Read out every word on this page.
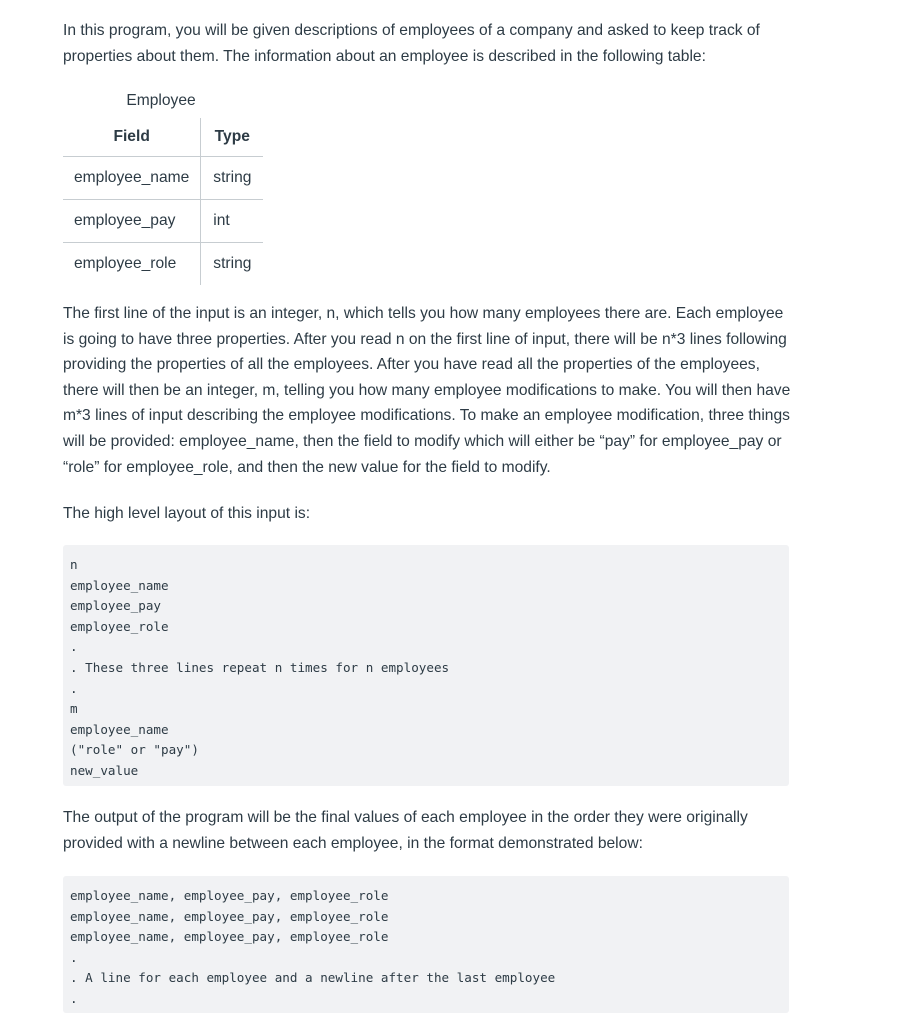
In this program, you will be given descriptions of employees of a company and asked to keep track of properties about them. The information about an employee is described in the following table:

Employee
Field	Type
employee_name	string
employee_pay	int
employee_role	string

The first line of the input is an integer, n, which tells you how many employees there are. Each employee is going to have three properties. After you read n on the first line of input, there will be n*3 lines following providing the properties of all the employees. After you have read all the properties of the employees, there will then be an integer, m, telling you how many employee modifications to make. You will then have m*3 lines of input describing the employee modifications. To make an employee modification, three things will be provided: employee_name, then the field to modify which will either be “pay” for employee_pay or “role” for employee_role, and then the new value for the field to modify.

The high level layout of this input is:

n
employee_name
employee_pay
employee_role
.
. These three lines repeat n times for n employees
.
m
employee_name
("role" or "pay")
new_value

The output of the program will be the final values of each employee in the order they were originally provided with a newline between each employee, in the format demonstrated below:

employee_name, employee_pay, employee_role
employee_name, employee_pay, employee_role
employee_name, employee_pay, employee_role
.
. A line for each employee and a newline after the last employee
.
